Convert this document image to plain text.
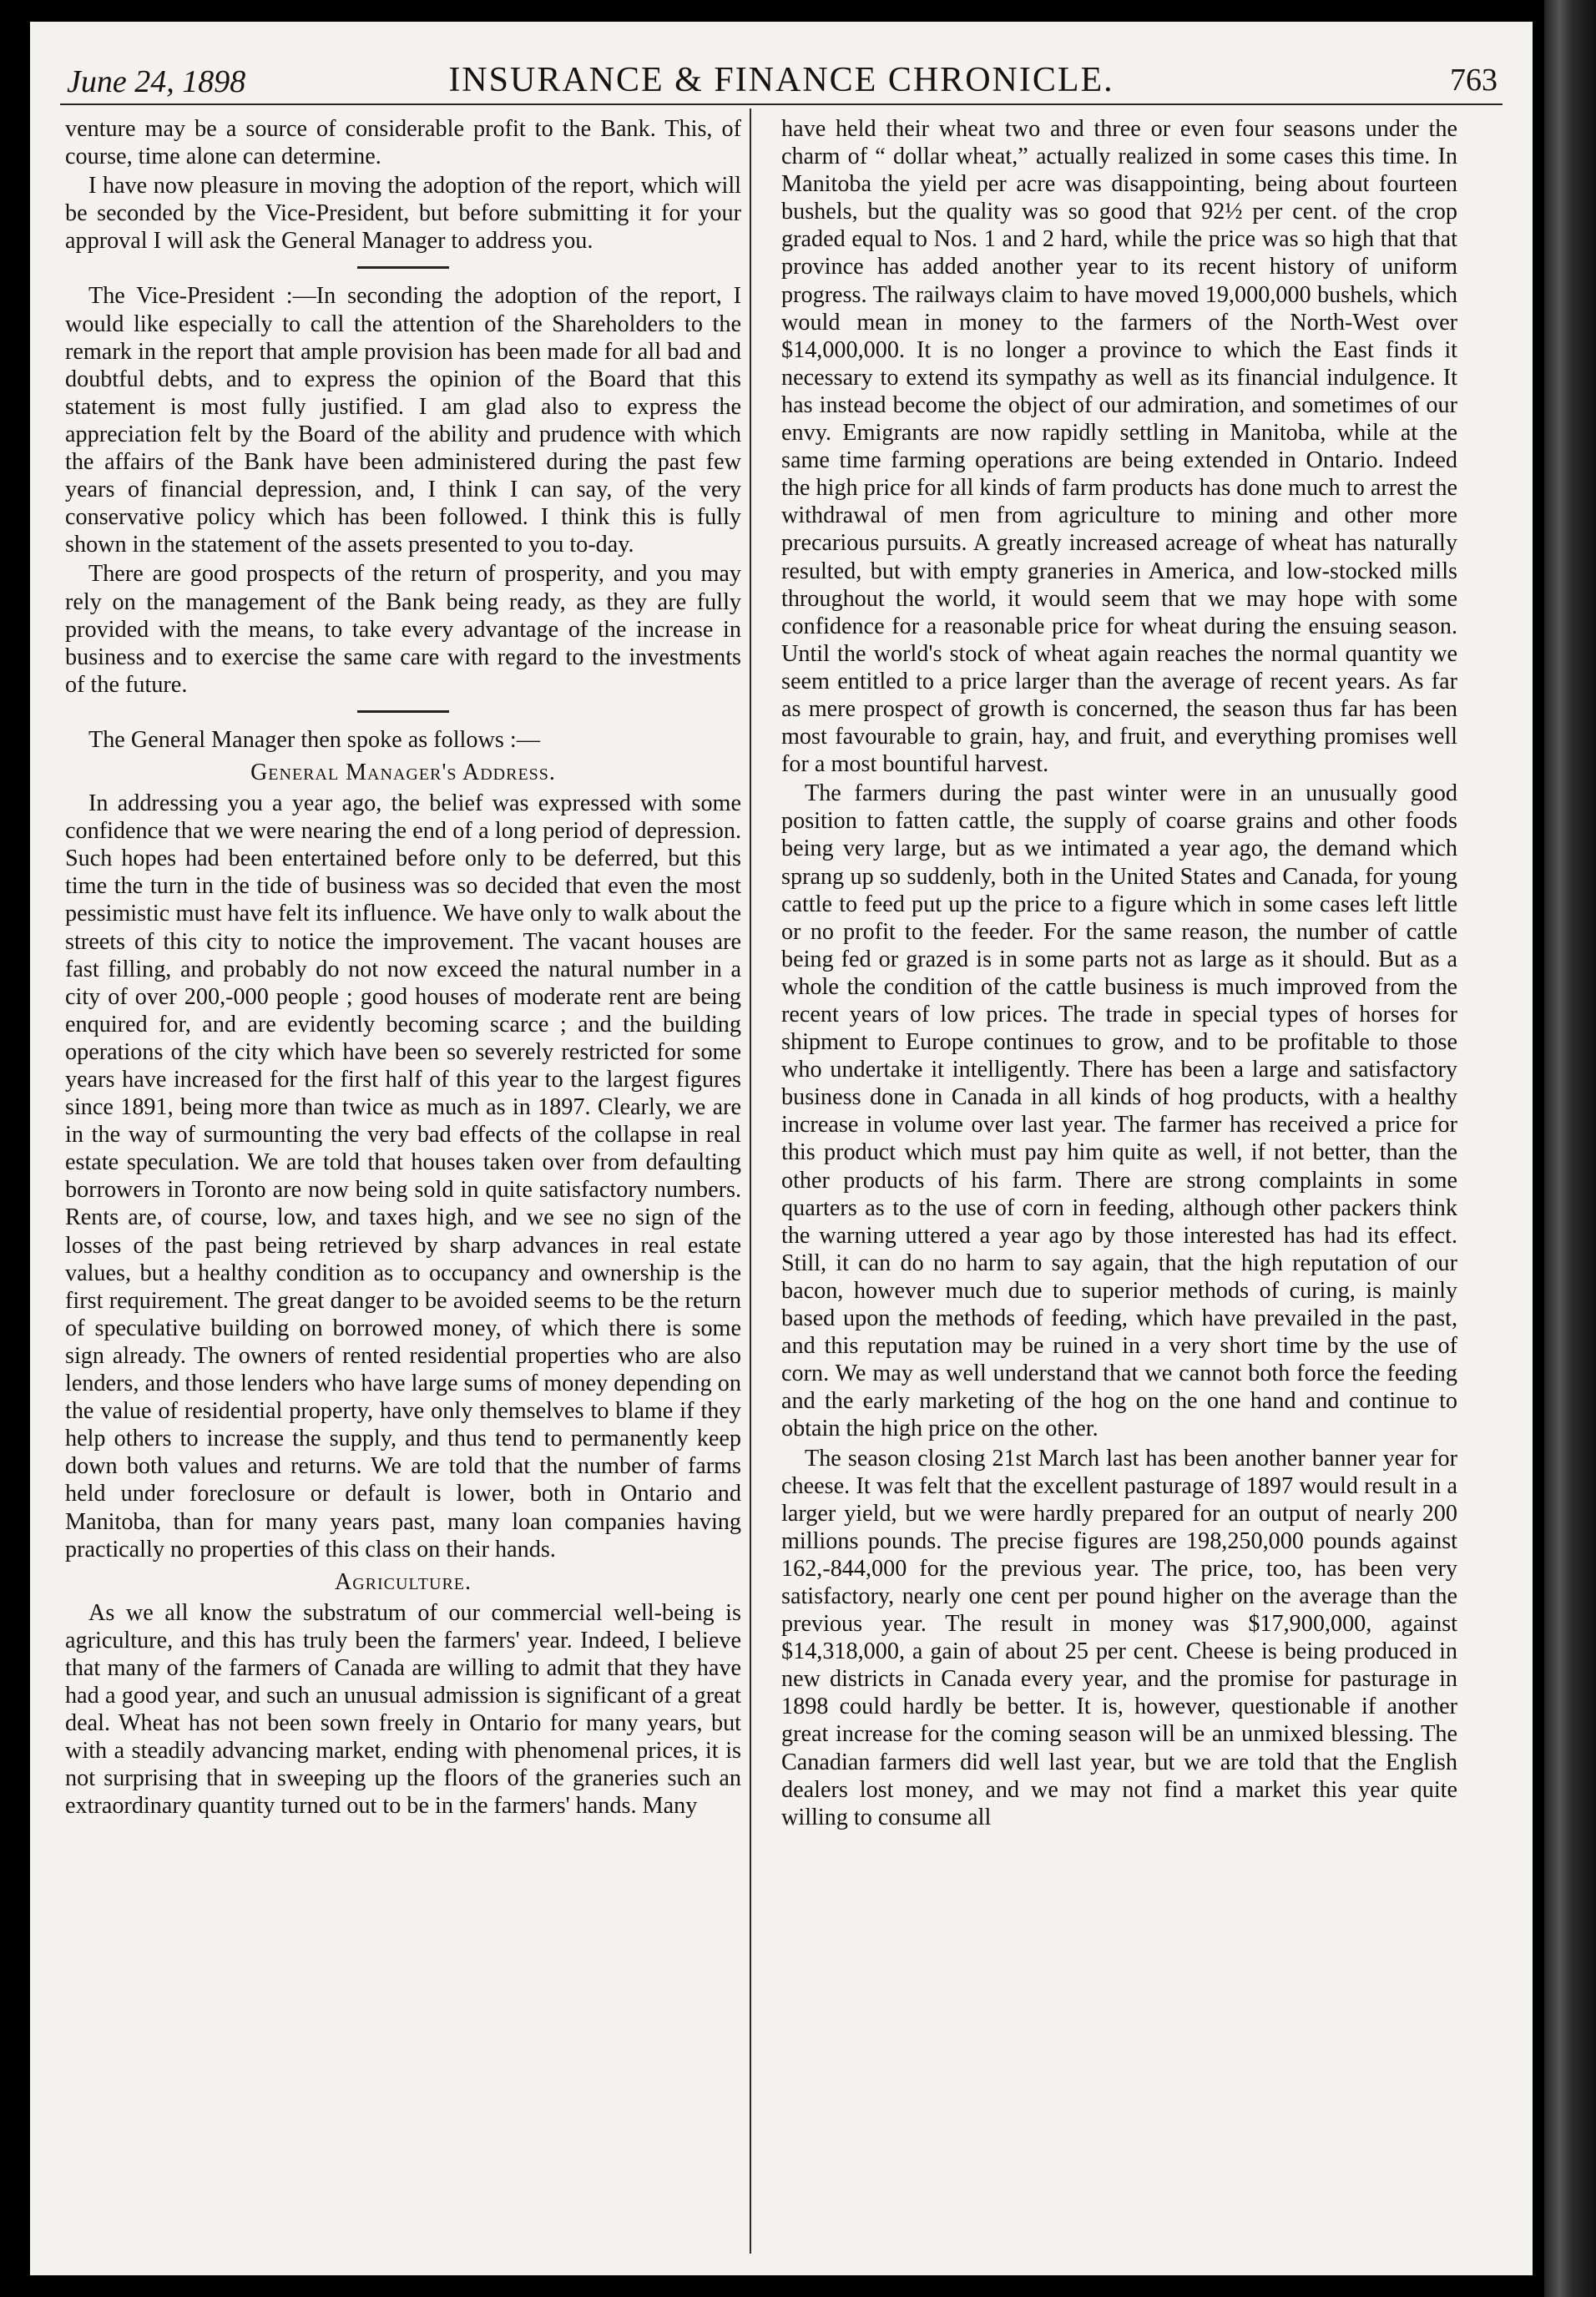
June 24, 1898	INSURANCE & FINANCE CHRONICLE.	763

venture may be a source of considerable profit to the Bank. This, of course, time alone can determine.

I have now pleasure in moving the adoption of the report, which will be seconded by the Vice-President, but before submitting it for your approval I will ask the General Manager to address you.

The Vice-President :—In seconding the adoption of the report, I would like especially to call the attention of the Shareholders to the remark in the report that ample provision has been made for all bad and doubtful debts, and to express the opinion of the Board that this statement is most fully justified. I am glad also to express the appreciation felt by the Board of the ability and prudence with which the affairs of the Bank have been administered during the past few years of financial depression, and, I think I can say, of the very conservative policy which has been followed. I think this is fully shown in the statement of the assets presented to you to-day.

There are good prospects of the return of prosperity, and you may rely on the management of the Bank being ready, as they are fully provided with the means, to take every advantage of the increase in business and to exercise the same care with regard to the investments of the future.

The General Manager then spoke as follows :—

General Manager's Address.

In addressing you a year ago, the belief was expressed with some confidence that we were nearing the end of a long period of depression. Such hopes had been entertained before only to be deferred, but this time the turn in the tide of business was so decided that even the most pessimistic must have felt its influence. We have only to walk about the streets of this city to notice the improvement. The vacant houses are fast filling, and probably do not now exceed the natural number in a city of over 200,-000 people ; good houses of moderate rent are being enquired for, and are evidently becoming scarce ; and the building operations of the city which have been so severely restricted for some years have increased for the first half of this year to the largest figures since 1891, being more than twice as much as in 1897. Clearly, we are in the way of surmounting the very bad effects of the collapse in real estate speculation. We are told that houses taken over from defaulting borrowers in Toronto are now being sold in quite satisfactory numbers. Rents are, of course, low, and taxes high, and we see no sign of the losses of the past being retrieved by sharp advances in real estate values, but a healthy condition as to occupancy and ownership is the first requirement. The great danger to be avoided seems to be the return of speculative building on borrowed money, of which there is some sign already. The owners of rented residential properties who are also lenders, and those lenders who have large sums of money depending on the value of residential property, have only themselves to blame if they help others to increase the supply, and thus tend to permanently keep down both values and returns. We are told that the number of farms held under foreclosure or default is lower, both in Ontario and Manitoba, than for many years past, many loan companies having practically no properties of this class on their hands.

Agriculture.

As we all know the substratum of our commercial well-being is agriculture, and this has truly been the farmers' year. Indeed, I believe that many of the farmers of Canada are willing to admit that they have had a good year, and such an unusual admission is significant of a great deal. Wheat has not been sown freely in Ontario for many years, but with a steadily advancing market, ending with phenomenal prices, it is not surprising that in sweeping up the floors of the graneries such an extraordinary quantity turned out to be in the farmers' hands. Many

have held their wheat two and three or even four seasons under the charm of “ dollar wheat,” actually realized in some cases this time. In Manitoba the yield per acre was disappointing, being about fourteen bushels, but the quality was so good that 92½ per cent. of the crop graded equal to Nos. 1 and 2 hard, while the price was so high that that province has added another year to its recent history of uniform progress. The railways claim to have moved 19,000,000 bushels, which would mean in money to the farmers of the North-West over $14,000,000. It is no longer a province to which the East finds it necessary to extend its sympathy as well as its financial indulgence. It has instead become the object of our admiration, and sometimes of our envy. Emigrants are now rapidly settling in Manitoba, while at the same time farming operations are being extended in Ontario. Indeed the high price for all kinds of farm products has done much to arrest the withdrawal of men from agriculture to mining and other more precarious pursuits. A greatly increased acreage of wheat has naturally resulted, but with empty graneries in America, and low-stocked mills throughout the world, it would seem that we may hope with some confidence for a reasonable price for wheat during the ensuing season. Until the world's stock of wheat again reaches the normal quantity we seem entitled to a price larger than the average of recent years. As far as mere prospect of growth is concerned, the season thus far has been most favourable to grain, hay, and fruit, and everything promises well for a most bountiful harvest.

The farmers during the past winter were in an unusually good position to fatten cattle, the supply of coarse grains and other foods being very large, but as we intimated a year ago, the demand which sprang up so suddenly, both in the United States and Canada, for young cattle to feed put up the price to a figure which in some cases left little or no profit to the feeder. For the same reason, the number of cattle being fed or grazed is in some parts not as large as it should. But as a whole the condition of the cattle business is much improved from the recent years of low prices. The trade in special types of horses for shipment to Europe continues to grow, and to be profitable to those who undertake it intelligently. There has been a large and satisfactory business done in Canada in all kinds of hog products, with a healthy increase in volume over last year. The farmer has received a price for this product which must pay him quite as well, if not better, than the other products of his farm. There are strong complaints in some quarters as to the use of corn in feeding, although other packers think the warning uttered a year ago by those interested has had its effect. Still, it can do no harm to say again, that the high reputation of our bacon, however much due to superior methods of curing, is mainly based upon the methods of feeding, which have prevailed in the past, and this reputation may be ruined in a very short time by the use of corn. We may as well understand that we cannot both force the feeding and the early marketing of the hog on the one hand and continue to obtain the high price on the other.

The season closing 21st March last has been another banner year for cheese. It was felt that the excellent pasturage of 1897 would result in a larger yield, but we were hardly prepared for an output of nearly 200 millions pounds. The precise figures are 198,250,000 pounds against 162,-844,000 for the previous year. The price, too, has been very satisfactory, nearly one cent per pound higher on the average than the previous year. The result in money was $17,900,000, against $14,318,000, a gain of about 25 per cent. Cheese is being produced in new districts in Canada every year, and the promise for pasturage in 1898 could hardly be better. It is, however, questionable if another great increase for the coming season will be an unmixed blessing. The Canadian farmers did well last year, but we are told that the English dealers lost money, and we may not find a market this year quite willing to consume all
